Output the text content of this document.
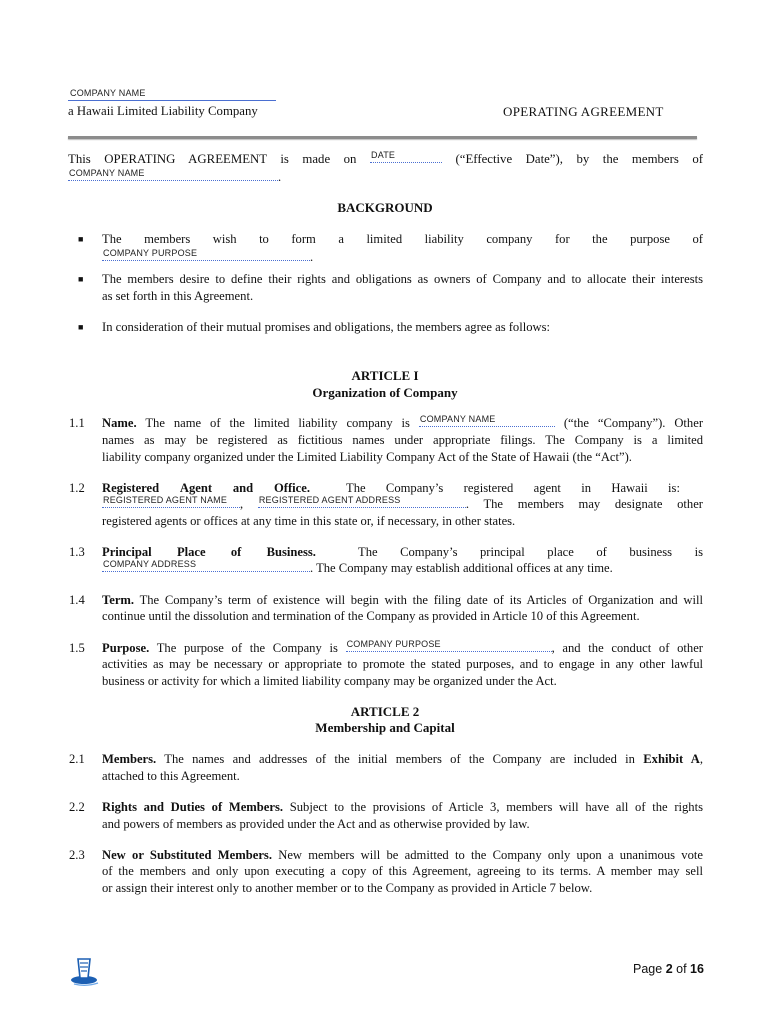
COMPANY NAME
a Hawaii Limited Liability Company	OPERATING AGREEMENT
This OPERATING AGREEMENT is made on DATE	(“Effective Date”), by the members of
COMPANY NAME	.
BACKGROUND
■ The members wish to form a limited liability company for the purpose of
COMPANY PURPOSE	.
■ The members desire to define their rights and obligations as owners of Company and to allocate their interests
as set forth in this Agreement.
■ In consideration of their mutual promises and obligations, the members agree as follows:
ARTICLE I
Organization of Company
1.1 Name. The name of the limited liability company is COMPANY NAME	(“the “Company”). Other
names as may be registered as fictitious names under appropriate filings. The Company is a limited
liability company organized under the Limited Liability Company Act of the State of Hawaii (the “Act”).
1.2 Registered Agent and Office.	The Company’s registered agent in Hawaii is:
REGISTERED AGENT NAME , REGISTERED AGENT ADDRESS	. The members may designate other
registered agents or offices at any time in this state or, if necessary, in other states.
1.3 Principal Place of Business.	The Company’s principal place of business is
COMPANY ADDRESS	. The Company may establish additional offices at any time.
1.4 Term. The Company’s term of existence will begin with the filing date of its Articles of Organization and will
continue until the dissolution and termination of the Company as provided in Article 10 of this Agreement.
1.5 Purpose. The purpose of the Company is COMPANY PURPOSE	, and the conduct of other
activities as may be necessary or appropriate to promote the stated purposes, and to engage in any other lawful
business or activity for which a limited liability company may be organized under the Act.
ARTICLE 2
Membership and Capital
2.1 Members. The names and addresses of the initial members of the Company are included in Exhibit A,
attached to this Agreement.
2.2 Rights and Duties of Members. Subject to the provisions of Article 3, members will have all of the rights
and powers of members as provided under the Act and as otherwise provided by law.
2.3 New or Substituted Members. New members will be admitted to the Company only upon a unanimous vote
of the members and only upon executing a copy of this Agreement, agreeing to its terms. A member may sell
or assign their interest only to another member or to the Company as provided in Article 7 below.
Page 2 of 16
